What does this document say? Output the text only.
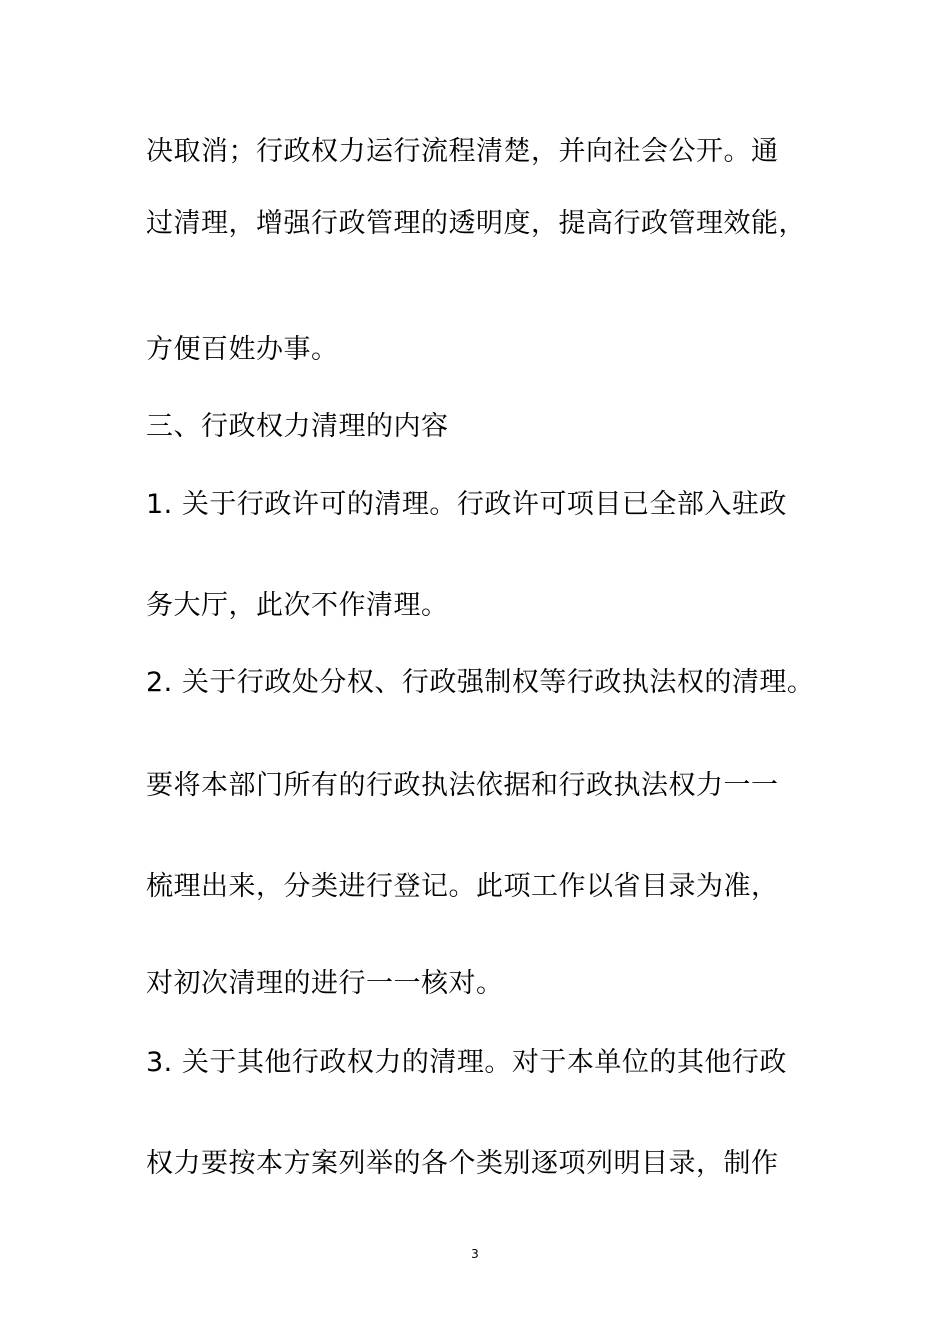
决取消；行政权力运行流程清楚，并向社会公开。通
过清理，增强行政管理的透明度，提高行政管理效能，
方便百姓办事。
三、行政权力清理的内容
1. 关于行政许可的清理。行政许可项目已全部入驻政
务大厅，此次不作清理。
2. 关于行政处分权、行政强制权等行政执法权的清理。
要将本部门所有的行政执法依据和行政执法权力一一
梳理出来，分类进行登记。此项工作以省目录为准，
对初次清理的进行一一核对。
3. 关于其他行政权力的清理。对于本单位的其他行政
权力要按本方案列举的各个类别逐项列明目录，制作
3
